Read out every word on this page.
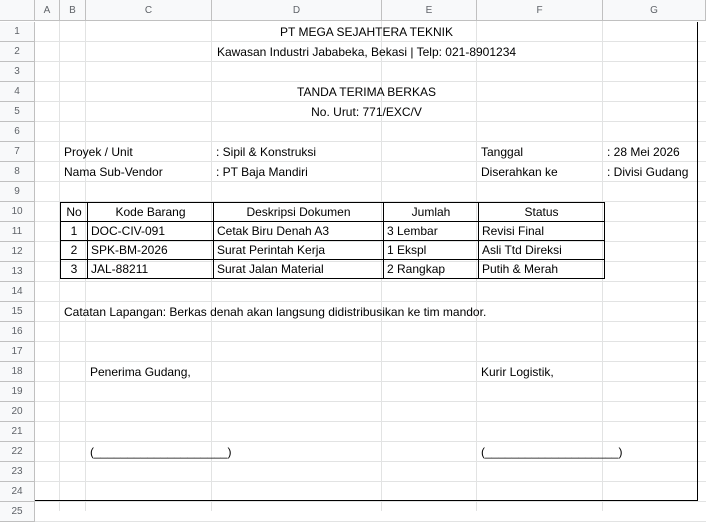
A	B	C	D	E	F	G
1
2
3
4
5
6
7
8
9
10
11
12
13
14
15
16
17
18
19
20
21
22
23
24
25
PT MEGA SEJAHTERA TEKNIK
Kawasan Industri Jababeka, Bekasi | Telp: 021-8901234
TANDA TERIMA BERKAS
No. Urut: 771/EXC/V
Proyek / Unit	: Sipil & Konstruksi	Tanggal	: 28 Mei 2026
Nama Sub-Vendor	: PT Baja Mandiri	Diserahkan ke	: Divisi Gudang
No	Kode Barang	Deskripsi Dokumen	Jumlah	Status
1	DOC-CIV-091	Cetak Biru Denah A3	3 Lembar	Revisi Final
2	SPK-BM-2026	Surat Perintah Kerja	1 Ekspl	Asli Ttd Direksi
3	JAL-88211	Surat Jalan Material	2 Rangkap	Putih & Merah
Catatan Lapangan: Berkas denah akan langsung didistribusikan ke tim mandor.
Penerima Gudang,	Kurir Logistik,
(____________________)	(____________________)
